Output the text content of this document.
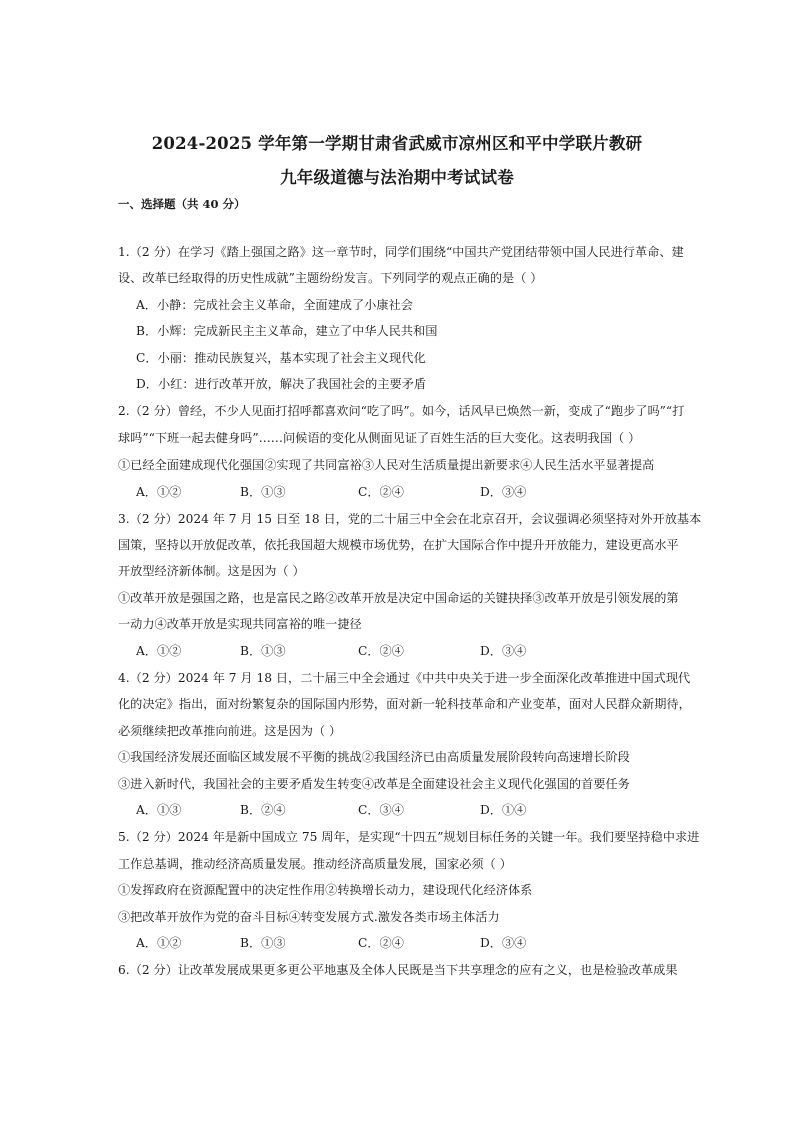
2024-2025 学年第一学期甘肃省武威市凉州区和平中学联片教研
九年级道德与法治期中考试试卷
一、选择题（共 40 分）
1.（2 分）在学习《踏上强国之路》这一章节时，同学们围绕“中国共产党团结带领中国人民进行革命、建
设、改革已经取得的历史性成就”主题纷纷发言。下列同学的观点正确的是（ ）
A．小静：完成社会主义革命，全面建成了小康社会
B．小辉：完成新民主主义革命，建立了中华人民共和国
C．小丽：推动民族复兴，基本实现了社会主义现代化
D．小红：进行改革开放，解决了我国社会的主要矛盾
2.（2 分）曾经，不少人见面打招呼都喜欢问“吃了吗”。如今，话风早已焕然一新，变成了“跑步了吗”“打
球吗”“下班一起去健身吗”……问候语的变化从侧面见证了百姓生活的巨大变化。这表明我国（ ）
①已经全面建成现代化强国②实现了共同富裕③人民对生活质量提出新要求④人民生活水平显著提高
A．①②	B．①③	C．②④	D．③④
3.（2 分）2024 年 7 月 15 日至 18 日，党的二十届三中全会在北京召开，会议强调必须坚持对外开放基本
国策，坚持以开放促改革，依托我国超大规模市场优势，在扩大国际合作中提升开放能力，建设更高水平
开放型经济新体制。这是因为（ ）
①改革开放是强国之路，也是富民之路②改革开放是决定中国命运的关键抉择③改革开放是引领发展的第
一动力④改革开放是实现共同富裕的唯一捷径
A．①②	B．①③	C．②④	D．③④
4.（2 分）2024 年 7 月 18 日，二十届三中全会通过《中共中央关于进一步全面深化改革推进中国式现代
化的决定》指出，面对纷繁复杂的国际国内形势，面对新一轮科技革命和产业变革，面对人民群众新期待，
必须继续把改革推向前进。这是因为（ ）
①我国经济发展还面临区域发展不平衡的挑战②我国经济已由高质量发展阶段转向高速增长阶段
③进入新时代，我国社会的主要矛盾发生转变④改革是全面建设社会主义现代化强国的首要任务
A．①③	B．②④	C．③④	D．①④
5.（2 分）2024 年是新中国成立 75 周年，是实现“十四五”规划目标任务的关键一年。我们要坚持稳中求进
工作总基调，推动经济高质量发展。推动经济高质量发展，国家必须（ ）
①发挥政府在资源配置中的决定性作用②转换增长动力，建设现代化经济体系
③把改革开放作为党的奋斗目标④转变发展方式.激发各类市场主体活力
A．①②	B．①③	C．②④	D．③④
6.（2 分）让改革发展成果更多更公平地惠及全体人民既是当下共享理念的应有之义，也是检验改革成果
